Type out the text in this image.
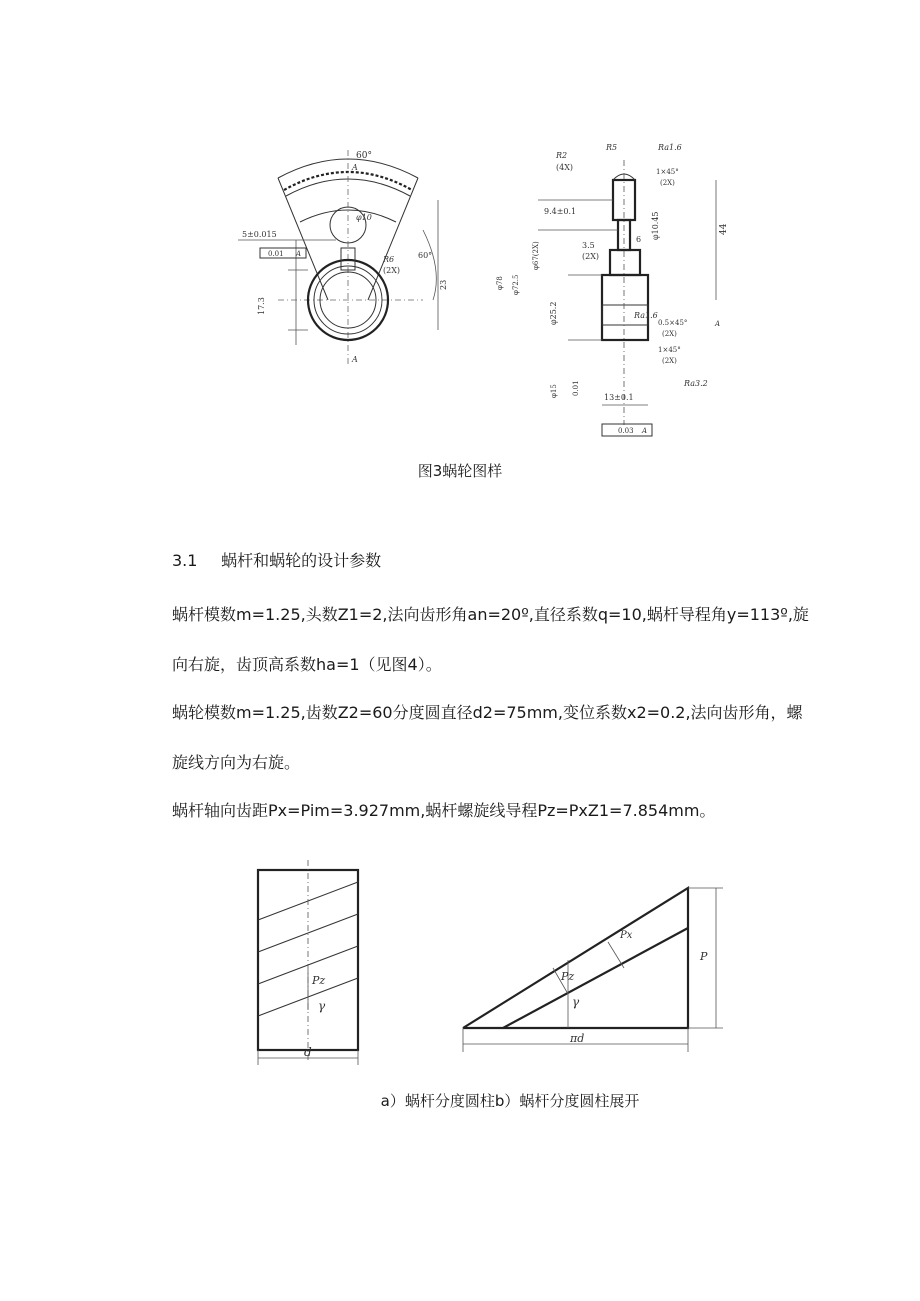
60°
A
φ10
5±0.015
0.01 A
R6
(2X)
60°
17.3
23
A
R2
(4X)
R5	Ra1.6
1×45°
(2X)
9.4±0.1	φ10.45	44
3.5
(2X)
6
φ67(2X)
φ78 φ72.5
φ25.2	Ra1.6
0.5×45°
(2X)
A
1×45°
(2X)
φ15 0.01	Ra3.2
13±0.1
0.03 A
图3蜗轮图样
3.1 蜗杆和蜗轮的设计参数
蜗杆模数m=1.25,头数Z1=2,法向齿形角an=20º,直径系数q=10,蜗杆导程角y=113º,旋
向右旋，齿顶高系数ha=1（见图4）。
蜗轮模数m=1.25,齿数Z2=60分度圆直径d2=75mm,变位系数x2=0.2,法向齿形角，螺
旋线方向为右旋。
蜗杆轴向齿距Px=Pim=3.927mm,蜗杆螺旋线导程Pz=PxZ1=7.854mm。
Pz
γ
d
Pz
Px
γ
P
πd
a）蜗杆分度圆柱b）蜗杆分度圆柱展开
